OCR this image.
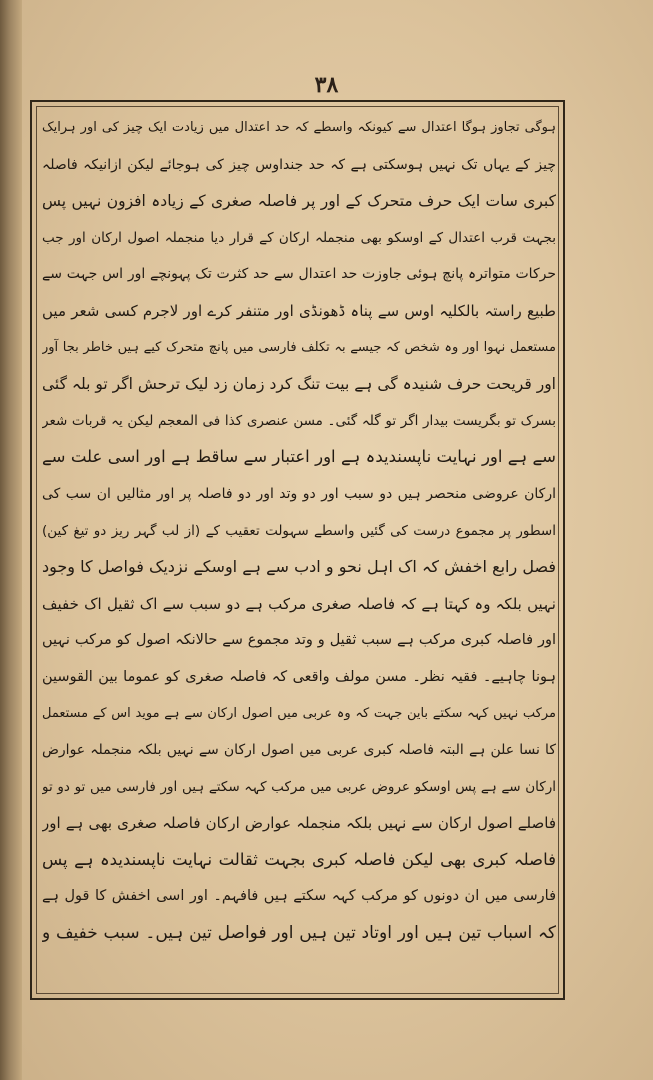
۳۸
ہوگی تجاوز ہوگا اعتدال سے کیونکہ واسطے کہ حد اعتدال میں زیادت ایک چیز کی اور ہرایک
چیز کے یہاں تک نہیں ہوسکتی ہے کہ حد جنداوس چیز کی ہوجائے لیکن ازانیکہ فاصلہ
کبری سات ایک حرف متحرک کے اور پر فاصلہ صغری کے زیادہ افزون نہیں پس
بجہت قرب اعتدال کے اوسکو بھی منجملہ ارکان کے قرار دیا منجملہ اصول ارکان اور جب
حرکات متواترہ پانچ ہوئی جاوزت حد اعتدال سے حد کثرت تک پہونچے اور اس جہت سے
طبیع راستہ بالکلیہ اوس سے پناہ ڈھونڈی اور متنفر کرے اور لاجرم کسی شعر میں
مستعمل نہوا اور وہ شخص کہ جیسے بہ تکلف فارسی میں پانچ متحرک کیے ہیں خاطر بجا آور
اور قریحت حرف شنیدہ گی ہے بیت تنگ کرد زمان زد لیک ترحش اگر تو بلہ گئی
بسرک تو بگریست بیدار اگر تو گلہ گئی۔ مسن عنصری کذا فی المعجم لیکن یہ قربات شعر
سے ہے اور نہایت ناپسندیدہ ہے اور اعتبار سے ساقط ہے اور اسی علت سے
ارکان عروضی منحصر ہیں دو سبب اور دو وتد اور دو فاصلہ پر اور مثالیں ان سب کی
اسطور پر مجموع درست کی گئیں واسطے سہولت تعقیب کے (از لب گہر ریز دو تیغ کین)
فصل رابع اخفش کہ اک اہل نحو و ادب سے ہے اوسکے نزدیک فواصل کا وجود
نہیں بلکہ وہ کہتا ہے کہ فاصلہ صغری مرکب ہے دو سبب سے اک ثقیل اک خفیف
اور فاصلہ کبری مرکب ہے سبب ثقیل و وتد مجموع سے حالانکہ اصول کو مرکب نہیں
ہونا چاہیے۔ فقیہ نظر۔ مسن مولف واقعی کہ فاصلہ صغری کو عموما بین القوسین
مرکب نہیں کہہ سکتے باین جہت کہ وہ عربی میں اصول ارکان سے ہے موید اس کے مستعمل
کا نسا علن ہے البتہ فاصلہ کبری عربی میں اصول ارکان سے نہیں بلکہ منجملہ عوارض
ارکان سے ہے پس اوسکو عروض عربی میں مرکب کہہ سکتے ہیں اور فارسی میں تو دو تو
فاصلے اصول ارکان سے نہیں بلکہ منجملہ عوارض ارکان فاصلہ صغری بھی ہے اور
فاصلہ کبری بھی لیکن فاصلہ کبری بجہت ثقالت نہایت ناپسندیدہ ہے پس
فارسی میں ان دونوں کو مرکب کہہ سکتے ہیں فافہم۔ اور اسی اخفش کا قول ہے
کہ اسباب تین ہیں اور اوتاد تین ہیں اور فواصل تین ہیں۔ سبب خفیف و
